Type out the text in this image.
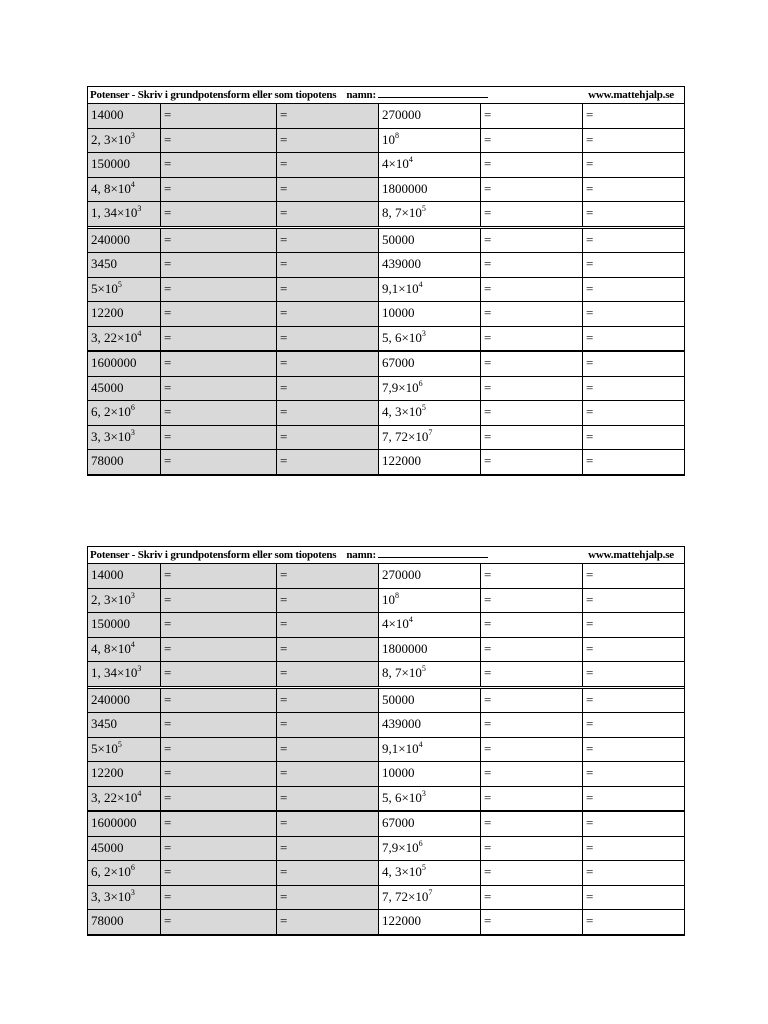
Potenser - Skriv i grundpotensform eller som tiopotens namn:	www.mattehjalp.se
14000	=	=	270000	=	=
2, $3\times 10^3$	=	=	$10^8$	=	=
150000	=	=	$4\times 10^4$	=	=
4, $8\times 10^4$	=	=	1800000	=	=
1, $34\times 10^3$	=	=	8, $7\times 10^5$	=	=
240000	=	=	50000	=	=
3450	=	=	439000	=	=
$5\times 10^5$	=	=	$9,1\times 10^4$	=	=
12200	=	=	10000	=	=
3, $22\times 10^4$	=	=	5, $6\times 10^3$	=	=
1600000	=	=	67000	=	=
45000	=	=	$7,9\times 10^6$	=	=
6, $2\times 10^6$	=	=	4, $3\times 10^5$	=	=
3, $3\times 10^3$	=	=	7, $72\times 10^7$	=	=
78000	=	=	122000	=	=
Potenser - Skriv i grundpotensform eller som tiopotens namn:	www.mattehjalp.se
14000	=	=	270000	=	=
2, $3\times 10^3$	=	=	$10^8$	=	=
150000	=	=	$4\times 10^4$	=	=
4, $8\times 10^4$	=	=	1800000	=	=
1, $34\times 10^3$	=	=	8, $7\times 10^5$	=	=
240000	=	=	50000	=	=
3450	=	=	439000	=	=
$5\times 10^5$	=	=	$9,1\times 10^4$	=	=
12200	=	=	10000	=	=
3, $22\times 10^4$	=	=	5, $6\times 10^3$	=	=
1600000	=	=	67000	=	=
45000	=	=	$7,9\times 10^6$	=	=
6, $2\times 10^6$	=	=	4, $3\times 10^5$	=	=
3, $3\times 10^3$	=	=	7, $72\times 10^7$	=	=
78000	=	=	122000	=	=
